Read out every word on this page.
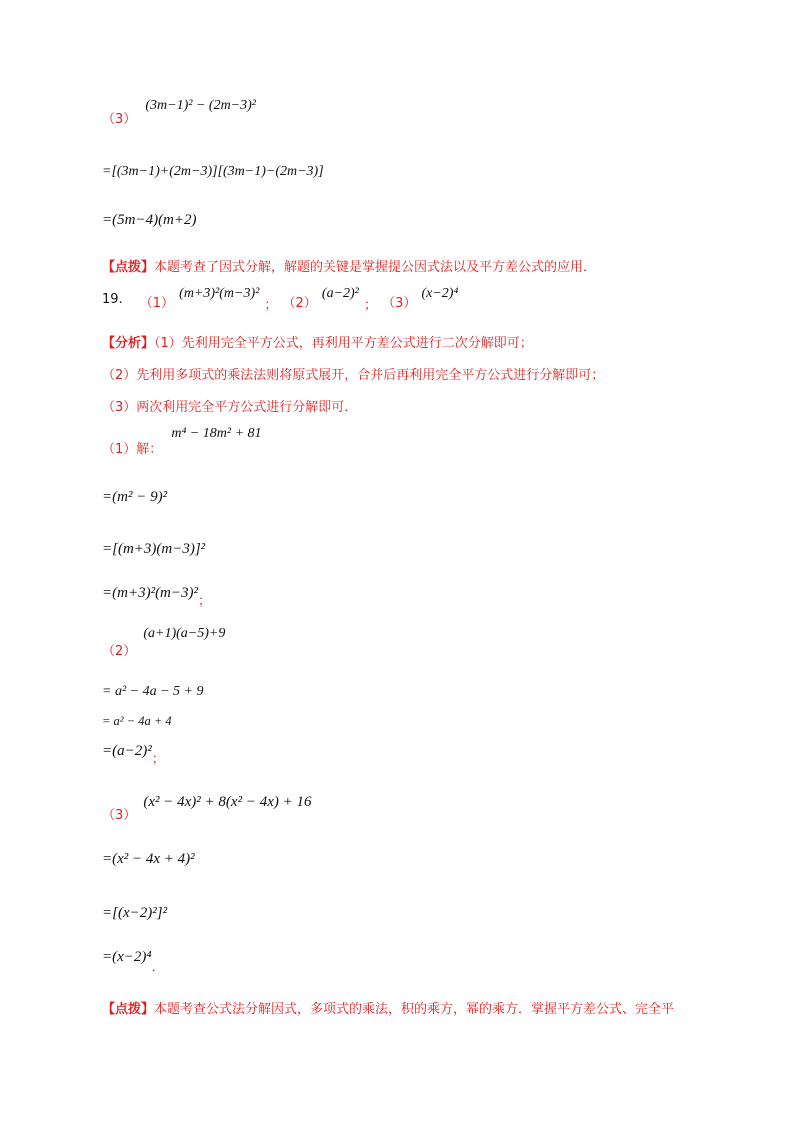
（3） (3m−1)² − (2m−3)²
=[(3m−1)+(2m−3)][(3m−1)−(2m−3)]
=(5m−4)(m+2)
【点拨】本题考查了因式分解，解题的关键是掌握提公因式法以及平方差公式的应用．
19. （1） (m+3)²(m−3)² ； （2） (a−2)² ； （3） (x−2)⁴
【分析】（1）先利用完全平方公式，再利用平方差公式进行二次分解即可；
（2）先利用多项式的乘法法则将原式展开，合并后再利用完全平方公式进行分解即可；
（3）两次利用完全平方公式进行分解即可．
（1）解： m⁴ − 18m² + 81
=(m² − 9)²
=[(m+3)(m−3)]²
$=(m+3)^2(m-3)^2_;$
（2） (a+1)(a−5)+9
= a² − 4a − 5 + 9
= a² − 4a + 4
$=(a-2)^2_;$
（3） (x² − 4x)² + 8(x² − 4x) + 16
=(x² − 4x + 4)²
=[(x−2)²]²
$=(x-2)^4_.$
【点拨】本题考查公式法分解因式，多项式的乘法，积的乘方，幂的乘方．掌握平方差公式、完全平
